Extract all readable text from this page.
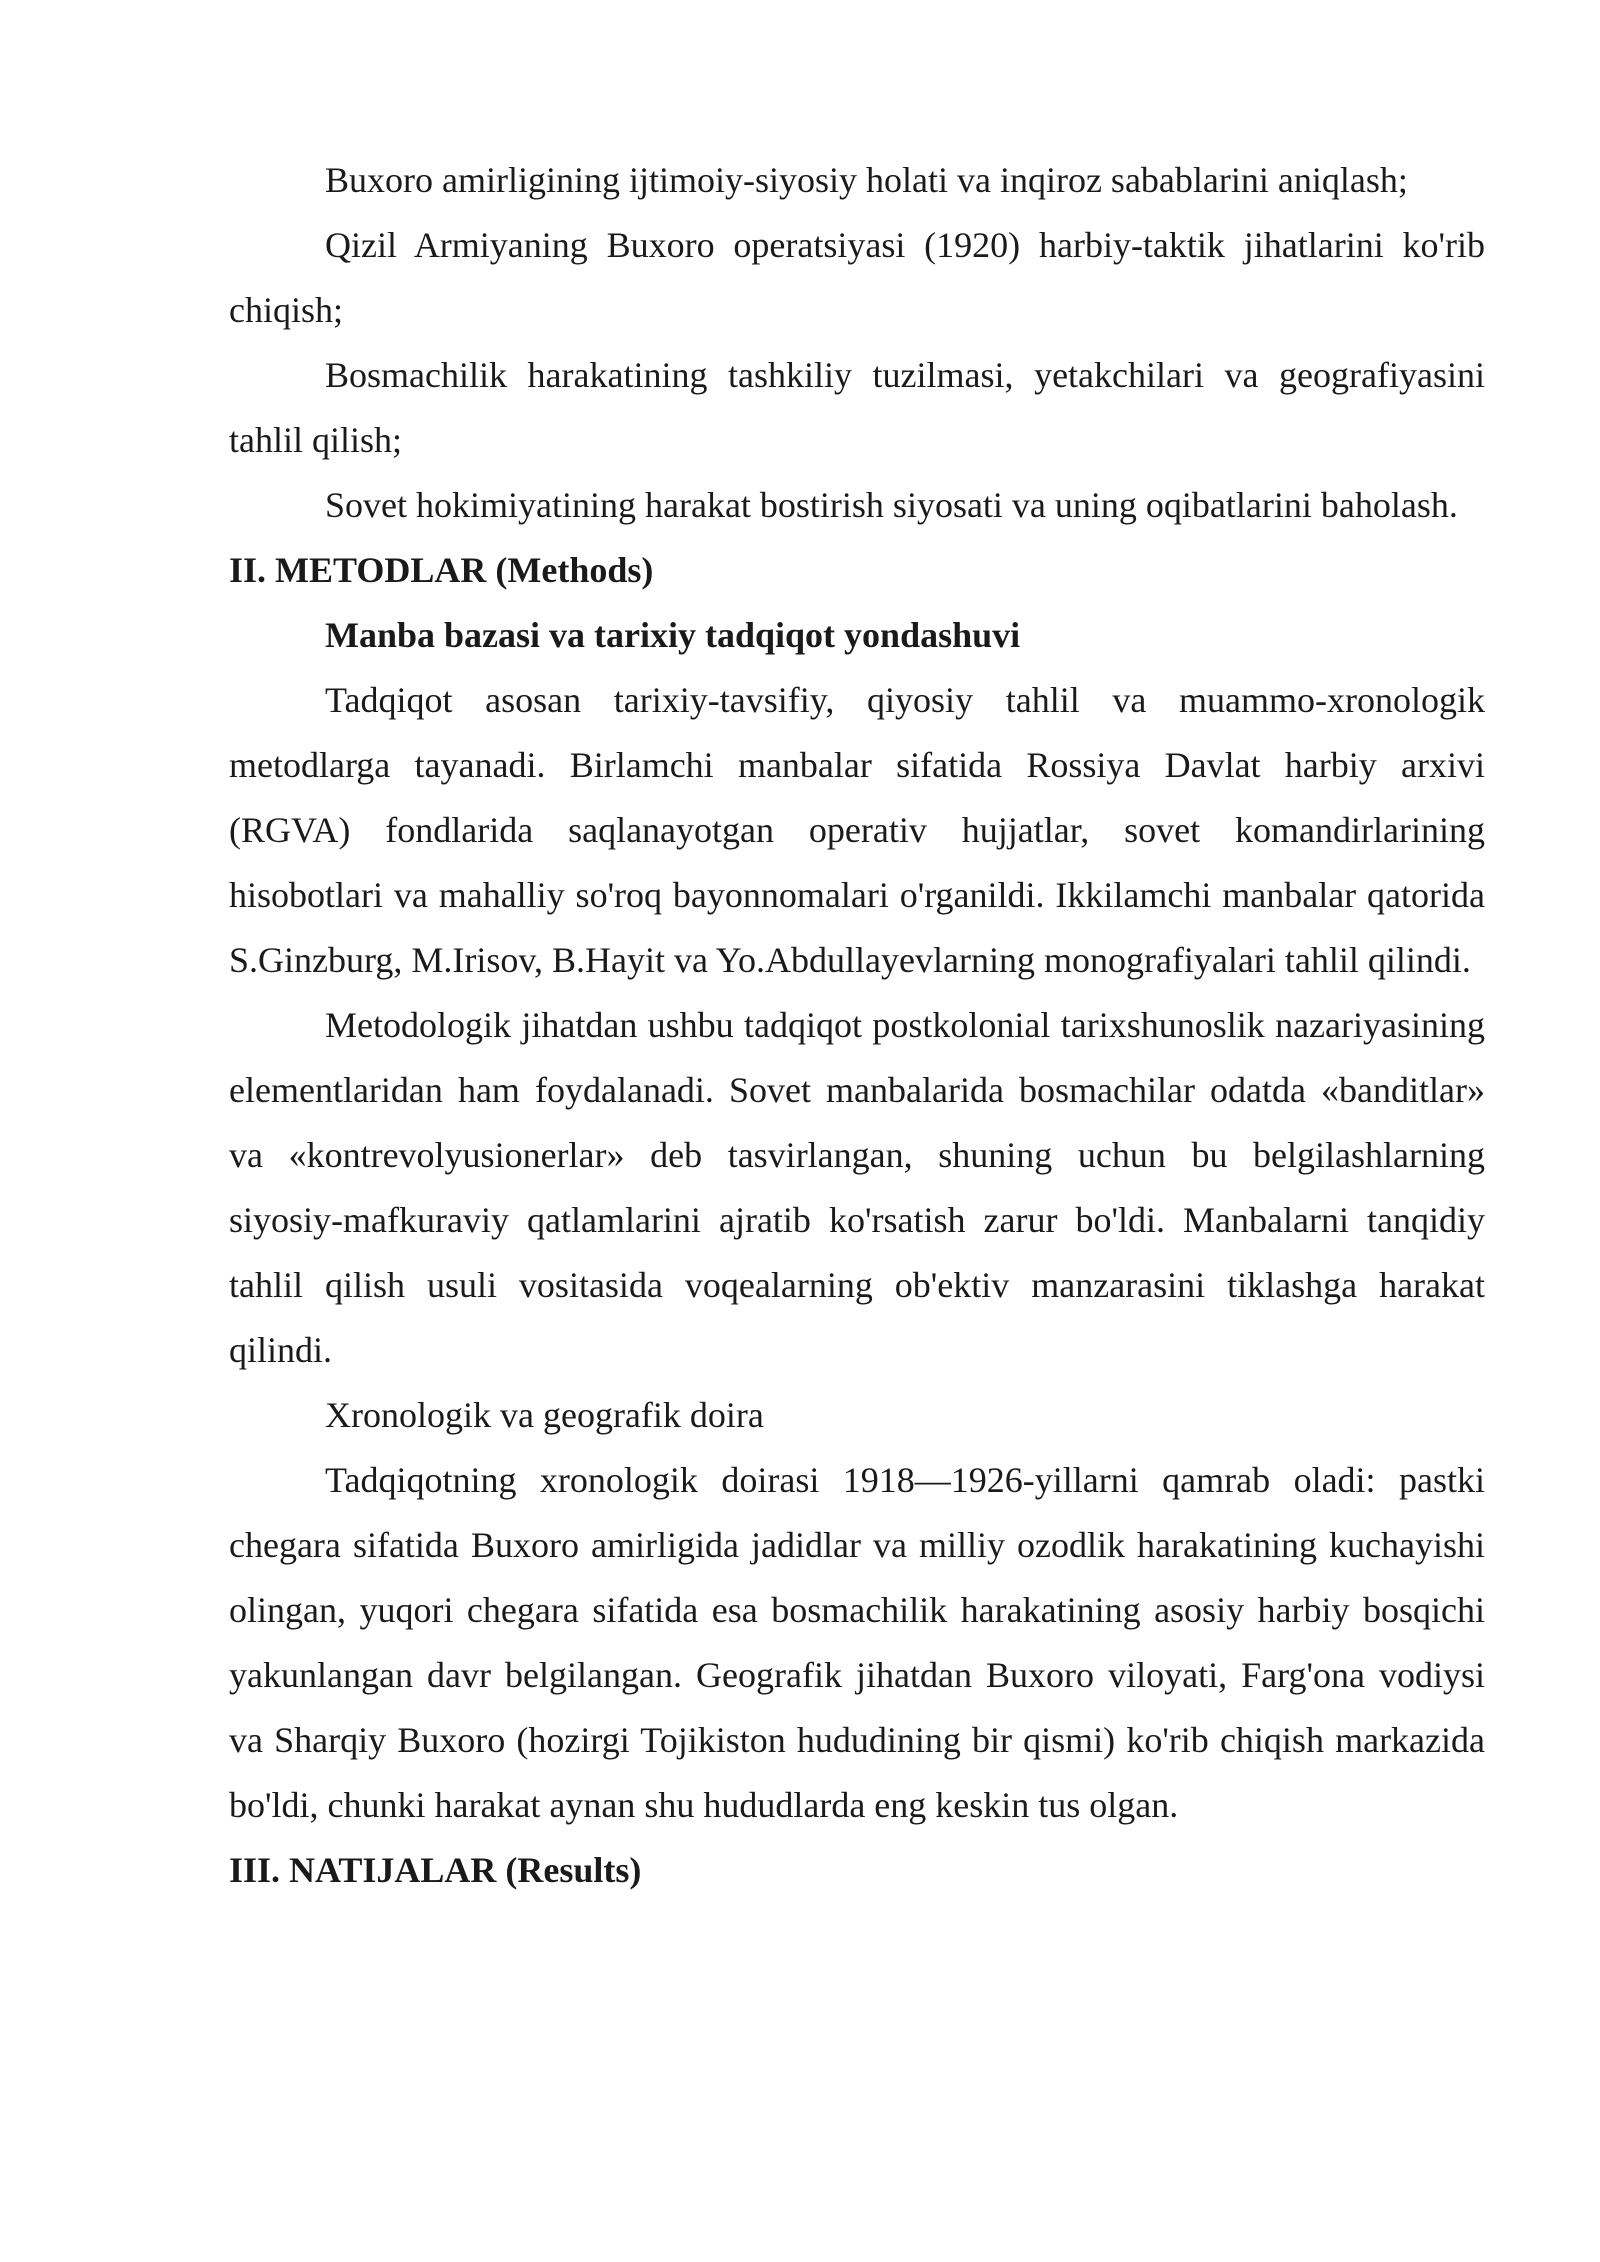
Buxoro amirligining ijtimoiy-siyosiy holati va inqiroz sabablarini aniqlash;

Qizil Armiyaning Buxoro operatsiyasi (1920) harbiy-taktik jihatlarini ko'rib chiqish;

Bosmachilik harakatining tashkiliy tuzilmasi, yetakchilari va geografiyasini tahlil qilish;

Sovet hokimiyatining harakat bostirish siyosati va uning oqibatlarini baholash.

II. METODLAR (Methods)
Manba bazasi va tarixiy tadqiqot yondashuvi

Tadqiqot asosan tarixiy-tavsifiy, qiyosiy tahlil va muammo-xronologik metodlarga tayanadi. Birlamchi manbalar sifatida Rossiya Davlat harbiy arxivi (RGVA) fondlarida saqlanayotgan operativ hujjatlar, sovet komandirlarining hisobotlari va mahalliy so'roq bayonnomalari o'rganildi. Ikkilamchi manbalar qatorida S.Ginzburg, M.Irisov, B.Hayit va Yo.Abdullayevlarning monografiyalari tahlil qilindi.

Metodologik jihatdan ushbu tadqiqot postkolonial tarixshunoslik nazariyasining elementlaridan ham foydalanadi. Sovet manbalarida bosmachilar odatda «banditlar» va «kontrevolyusionerlar» deb tasvirlangan, shuning uchun bu belgilashlarning siyosiy-mafkuraviy qatlamlarini ajratib ko'rsatish zarur bo'ldi. Manbalarni tanqidiy tahlil qilish usuli vositasida voqealarning ob'ektiv manzarasini tiklashga harakat qilindi.

Xronologik va geografik doira

Tadqiqotning xronologik doirasi 1918—1926-yillarni qamrab oladi: pastki chegara sifatida Buxoro amirligida jadidlar va milliy ozodlik harakatining kuchayishi olingan, yuqori chegara sifatida esa bosmachilik harakatining asosiy harbiy bosqichi yakunlangan davr belgilangan. Geografik jihatdan Buxoro viloyati, Farg'ona vodiysi va Sharqiy Buxoro (hozirgi Tojikiston hududining bir qismi) ko'rib chiqish markazida bo'ldi, chunki harakat aynan shu hududlarda eng keskin tus olgan.

III. NATIJALAR (Results)
